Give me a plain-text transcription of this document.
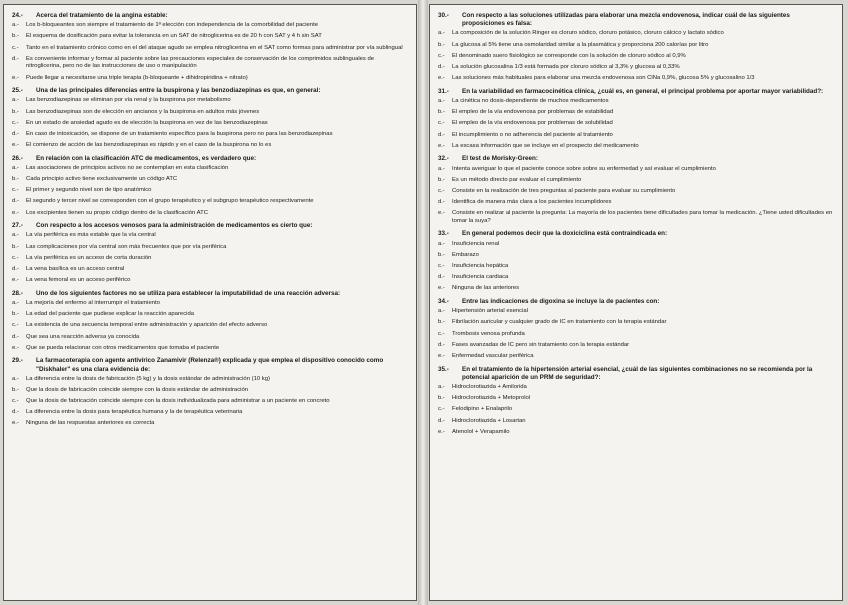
24.-	Acerca del tratamiento de la angina estable:
a.-	Los b-bloqueantes son siempre el tratamiento de 1ª elección con independencia de la comorbilidad del paciente
b.-	El esquema de dosificación para evitar la tolerancia en un SAT de nitroglicerina es de 20 h con SAT y 4 h sin SAT
c.-	Tanto en el tratamiento crónico como en el del ataque agudo se emplea nitroglicerina en el SAT como formas para administrar por vía sublingual
d.-	Es conveniente informar y formar al paciente sobre las precauciones especiales de conservación de los comprimidos sublinguales de nitroglicerina, pero no de las instrucciones de uso o manipulación
e.-	Puede llegar a necesitarse una triple terapia (b-bloqueante + dihidropiridina + nitrato)
25.-	Una de las principales diferencias entre la buspirona y las benzodiazepinas es que, en general:
a.-	Las benzodiazepinas se eliminan por vía renal y la buspirona por metabolismo
b.-	Las benzodiazepinas son de elección en ancianos y la buspirona en adultos más jóvenes
c.-	En un estado de ansiedad agudo es de elección la buspirona en vez de las benzodiazepinas
d.-	En caso de intoxicación, se dispone de un tratamiento específico para la buspirona pero no para las benzodiazepinas
e.-	El comienzo de acción de las benzodiazepinas es rápido y en el caso de la buspirona no lo es
26.-	En relación con la clasificación ATC de medicamentos, es verdadero que:
a.-	Las asociaciones de principios activos no se contemplan en esta clasificación
b.-	Cada principio activo tiene exclusivamente un código ATC
c.-	El primer y segundo nivel son de tipo anatómico
d.-	El segundo y tercer nivel se corresponden con el grupo terapéutico y el subgrupo terapéutico respectivamente
e.-	Los excipientes tienen su propio código dentro de la clasificación ATC
27.-	Con respecto a los accesos venosos para la administración de medicamentos es cierto que:
a.-	La vía periférica es más estable que la vía central
b.-	Las complicaciones por vía central son más frecuentes que por vía periférica
c.-	La vía periférica es un acceso de corta duración
d.-	La vena basílica es un acceso central
e.-	La vena femoral es un acceso periférico
28.-	Uno de los siguientes factores no se utiliza para establecer la imputabilidad de una reacción adversa:
a.-	La mejoría del enfermo al interrumpir el tratamiento
b.-	La edad del paciente que pudiese explicar la reacción aparecida
c.-	La existencia de una secuencia temporal entre administración y aparición del efecto adverso
d.-	Que sea una reacción adversa ya conocida
e.-	Que se pueda relacionar con otros medicamentos que tomaba el paciente
29.-	La farmacoterapia con agente antivírico Zanamivir (Relenza®) explicada y que emplea el dispositivo conocido como "Diskhaler" es una clara evidencia de:
a.-	La diferencia entre la dosis de fabricación (5 kg) y la dosis estándar de administración (10 kg)
b.-	Que la dosis de fabricación coincide siempre con la dosis estándar de administración
c.-	Que la dosis de fabricación coincide siempre con la dosis individualizada para administrar a un paciente en concreto
d.-	La diferencia entre la dosis para terapéutica humana y la de terapéutica veterinaria
e.-	Ninguna de las respuestas anteriores es correcta
30.-	Con respecto a las soluciones utilizadas para elaborar una mezcla endovenosa, indicar cuál de las siguientes proposiciones es falsa:
a.-	La composición de la solución Ringer es cloruro sódico, cloruro potásico, cloruro cálcico y lactato sódico
b.-	La glucosa al 5% tiene una osmolaridad similar a la plasmática y proporciona 200 calorías por litro
c.-	El denominado suero fisiológico se corresponde con la solución de cloruro sódico al 0,9%
d.-	La solución glucosalina 1/3 está formada por cloruro sódico al 3,3% y glucosa al 0,33%
e.-	Las soluciones más habituales para elaborar una mezcla endovenosa son ClNa 0,9%, glucosa 5% y glucosalino 1/3
31.-	En la variabilidad en farmacocinética clínica, ¿cuál es, en general, el principal problema por aportar mayor variabilidad?:
a.-	La cinética no dosis-dependiente de muchos medicamentos
b.-	El empleo de la vía endovenosa por problemas de estabilidad
c.-	El empleo de la vía endovenosa por problemas de solubilidad
d.-	El incumplimiento o no adherencia del paciente al tratamiento
e.-	La escasa información que se incluye en el prospecto del medicamento
32.-	El test de Morisky-Green:
a.-	Intenta averiguar lo que el paciente conoce sobre sobre su enfermedad y así evaluar el cumplimiento
b.-	Es un método directo par evaluar el cumplimiento
c.-	Consiste en la realización de tres preguntas al paciente para evaluar su cumplimiento
d.-	Identifica de manera más clara a los pacientes incumplidores
e.-	Consiste en realizar al paciente la pregunta: La mayoría de los pacientes tiene dificultades para tomar la medicación. ¿Tiene usted dificultades en tomar la suya?
33.-	En general podemos decir que la doxiciclina está contraindicada en:
a.-	Insuficiencia renal
b.-	Embarazo
c.-	Insuficiencia hepática
d.-	Insuficiencia cardiaca
e.-	Ninguna de las anteriores
34.-	Entre las indicaciones de digoxina se incluye la de pacientes con:
a.-	Hipertensión arterial esencial
b.-	Fibrilación auricular y cualquier grado de IC en tratamiento con la terapia estándar
c.-	Trombosis venosa profunda
d.-	Fases avanzadas de IC pero sin tratamiento con la terapia estándar
e.-	Enfermedad vascular periférica
35.-	En el tratamiento de la hipertensión arterial esencial, ¿cuál de las siguientes combinaciones no se recomienda por la potencial aparición de un PRM de seguridad?:
a.-	Hidroclorotiazida + Amilorida
b.-	Hidroclorotiazida + Metoprolol
c.-	Felodipino + Enalaprilo
d.-	Hidroclorotiazida + Losartan
e.-	Atenolol + Verapamilo
